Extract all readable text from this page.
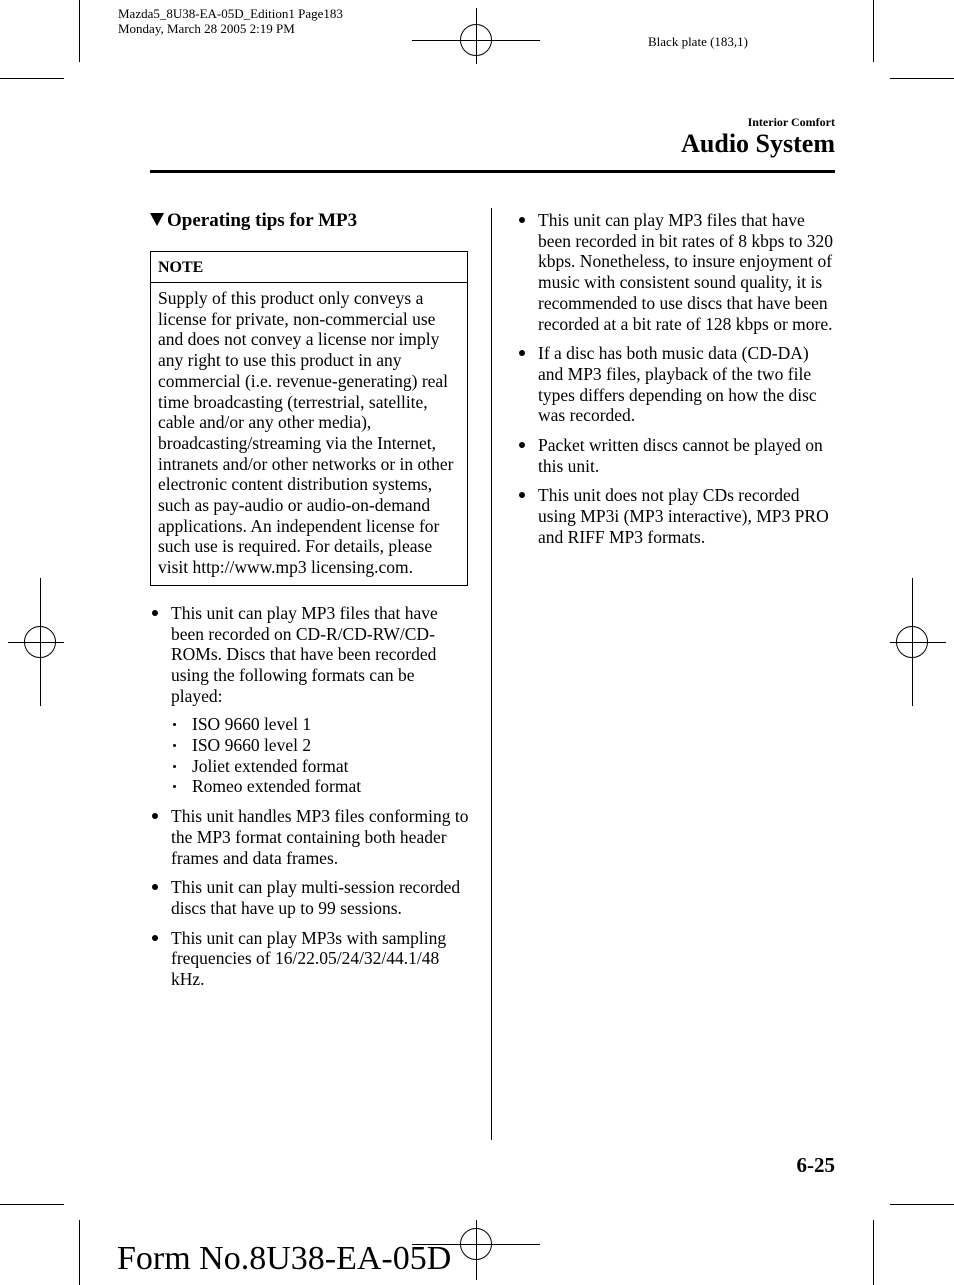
Mazda5_8U38-EA-05D_Edition1 Page183
Monday, March 28 2005 2:19 PM
Black plate (183,1)
Interior Comfort
Audio System
Operating tips for MP3
NOTE
Supply of this product only conveys a license for private, non-commercial use and does not convey a license nor imply any right to use this product in any commercial (i.e. revenue-generating) real time broadcasting (terrestrial, satellite, cable and/or any other media), broadcasting/streaming via the Internet, intranets and/or other networks or in other electronic content distribution systems, such as pay-audio or audio-on-demand applications. An independent license for such use is required. For details, please visit http://www.mp3 licensing.com.
This unit can play MP3 files that have been recorded on CD-R/CD-RW/CD-ROMs. Discs that have been recorded using the following formats can be played:
ISO 9660 level 1
ISO 9660 level 2
Joliet extended format
Romeo extended format
This unit handles MP3 files conforming to the MP3 format containing both header frames and data frames.
This unit can play multi-session recorded discs that have up to 99 sessions.
This unit can play MP3s with sampling frequencies of 16/22.05/24/32/44.1/48 kHz.
This unit can play MP3 files that have been recorded in bit rates of 8 kbps to 320 kbps. Nonetheless, to insure enjoyment of music with consistent sound quality, it is recommended to use discs that have been recorded at a bit rate of 128 kbps or more.
If a disc has both music data (CD-DA) and MP3 files, playback of the two file types differs depending on how the disc was recorded.
Packet written discs cannot be played on this unit.
This unit does not play CDs recorded using MP3i (MP3 interactive), MP3 PRO and RIFF MP3 formats.
6-25
Form No.8U38-EA-05D
